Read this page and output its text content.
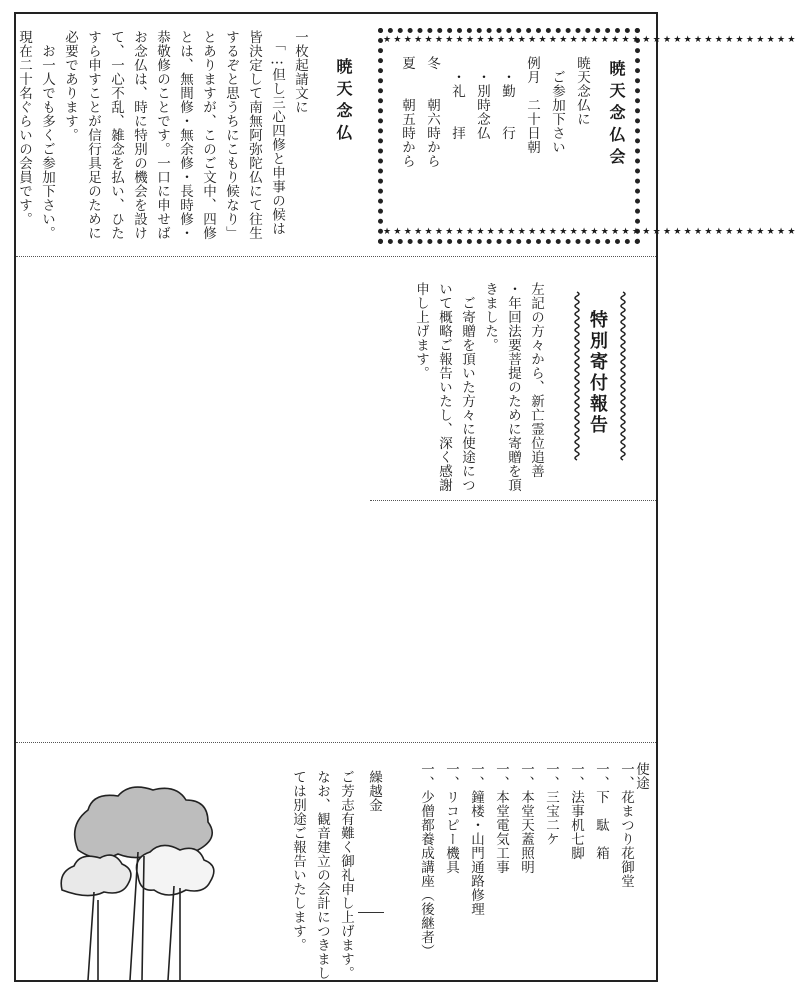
★★★★★★★★★★★★★★★★★★★★★★★★★★★★★★★★★★★★★★★★
★★★★★★★★★★★★★★★★★★★★★★★★★★★★★★★★★★★★★★★★
暁天念仏会
暁天念仏に
　ご参加下さい
例月　二十日朝
　・勤　　行
　・別時念仏
　・礼　　拝
冬　　朝六時から
夏　　朝五時から
暁天念仏
一枚起請文に
　「…但し三心四修と申事の候は
皆決定して南無阿弥陀仏にて往生
するぞと思うちにこもり候なり」
とありますが、このご文中、四修
とは、無間修・無余修・長時修・
恭敬修のことです。一口に申せば
お念仏は、時に特別の機会を設け
て、一心不乱、雑念を払い、ひた
すら申すことが信行具足のために
必要であります。
　お一人でも多くご参加下さい。
現在二十名ぐらいの会員です。
特別寄付報告
左記の方々から、新亡霊位追善
・年回法要菩提のために寄贈を頂
きました。
　ご寄贈を頂いた方々に使途につ
いて概略ご報告いたし、深く感謝
申し上げます。
使途
一、花まつり花御堂
一、下　駄　箱
一、法事机七脚
一、三宝二ケ
一、本堂天蓋照明
一、本堂電気工事
一、鐘楼・山門通路修理
一、リコピー機具
一、少僧都養成講座（後継者）
繰越金
ご芳志有難く御礼申し上げます。
なお、観音建立の会計につきまし
ては別途ご報告いたします。
